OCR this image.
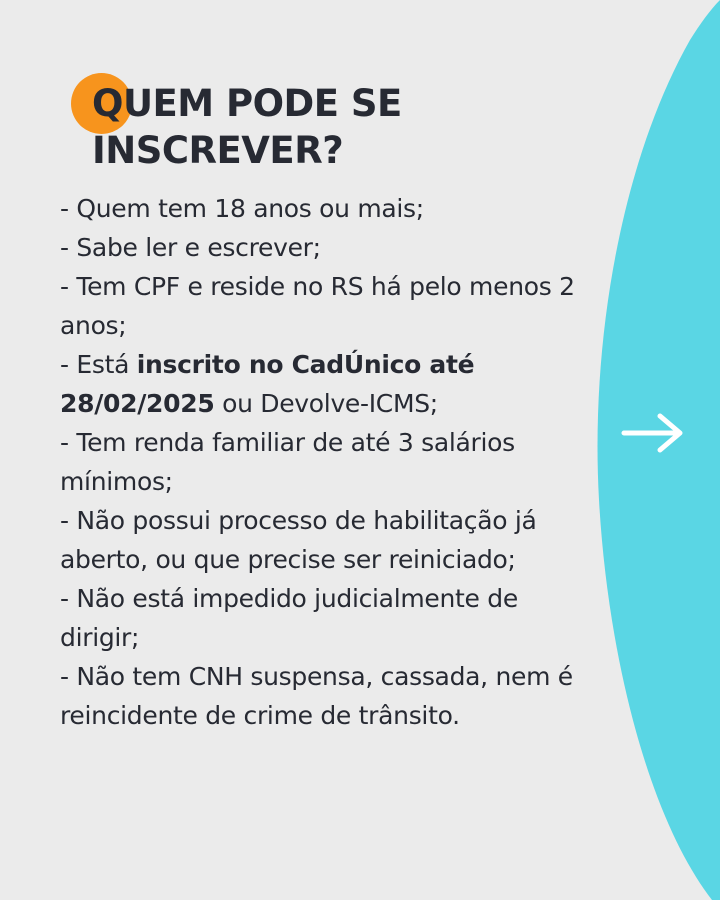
QUEM PODE SE
INSCREVER?
- Quem tem 18 anos ou mais;
- Sabe ler e escrever;
- Tem CPF e reside no RS há pelo menos 2 anos;
- Está inscrito no CadÚnico até 28/02/2025 ou Devolve-ICMS;
- Tem renda familiar de até 3 salários mínimos;
- Não possui processo de habilitação já aberto, ou que precise ser reiniciado;
- Não está impedido judicialmente de dirigir;
- Não tem CNH suspensa, cassada, nem é reincidente de crime de trânsito.
